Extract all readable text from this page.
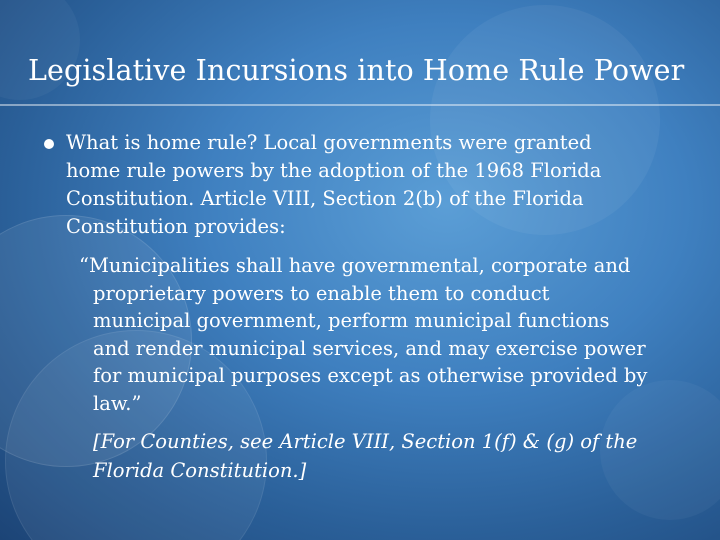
Legislative Incursions into Home Rule Power

What is home rule? Local governments were granted

home rule powers by the adoption of the 1968 Florida

Constitution. Article VIII, Section 2(b) of the Florida

Constitution provides:

“Municipalities shall have governmental, corporate and

proprietary powers to enable them to conduct

municipal government, perform municipal functions

and render municipal services, and may exercise power

for municipal purposes except as otherwise provided by

law.”

[For Counties, see Article VIII, Section 1(f) & (g) of the

Florida Constitution.]
